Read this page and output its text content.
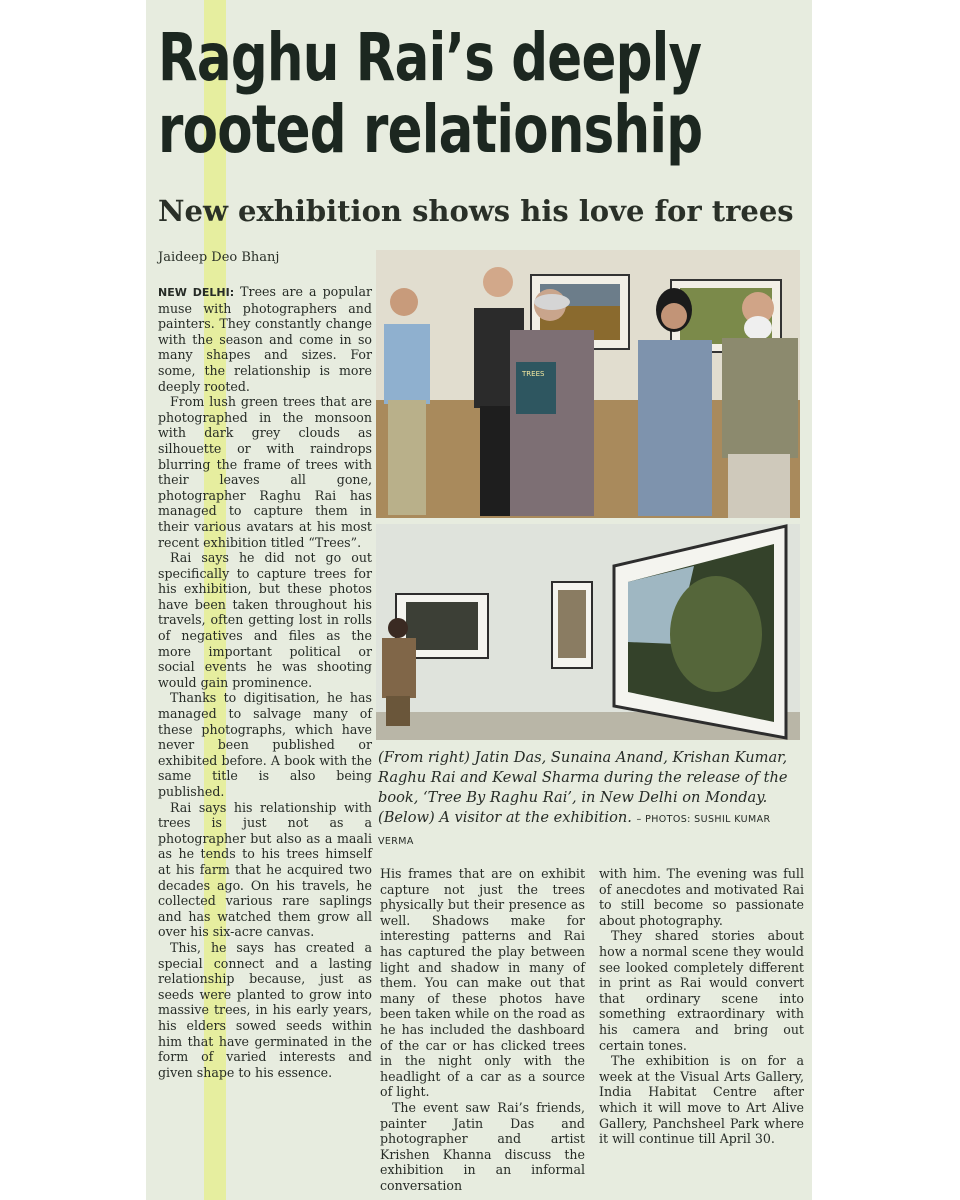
Raghu Rai’s deeply
rooted relationship
New exhibition shows his love for trees
Jaideep Deo Bhanj

NEW DELHI: Trees are a popular muse with photographers and painters. They constantly change with the season and come in so many shapes and sizes. For some, the relationship is more deeply rooted.

From lush green trees that are photographed in the monsoon with dark grey clouds as silhouette or with raindrops blurring the frame of trees with their leaves all gone, photographer Raghu Rai has managed to capture them in their various avatars at his most recent exhibition titled “Trees”.

Rai says he did not go out specifically to capture trees for his exhibition, but these photos have been taken throughout his travels, often getting lost in rolls of negatives and files as the more important political or social events he was shooting would gain prominence.

Thanks to digitisation, he has managed to salvage many of these photographs, which have never been published or exhibited before. A book with the same title is also being published.

Rai says his relationship with trees is just not as a photographer but also as a maali as he tends to his trees himself at his farm that he acquired two decades ago. On his travels, he collected various rare saplings and has watched them grow all over his six-acre canvas.

This, he says has created a special connect and a lasting relationship because, just as seeds were planted to grow into massive trees, in his early years, his elders sowed seeds within him that have germinated in the form of varied interests and given shape to his essence.

TREES
(From right) Jatin Das, Sunaina Anand, Krishan Kumar, Raghu Rai and Kewal Sharma during the release of the book, ‘Tree By Raghu Rai’, in New Delhi on Monday. (Below) A visitor at the exhibition. – PHOTOS: SUSHIL KUMAR VERMA

His frames that are on exhibit capture not just the trees physically but their presence as well. Shadows make for interesting patterns and Rai has captured the play between light and shadow in many of them. You can make out that many of these photos have been taken while on the road as he has included the dashboard of the car or has clicked trees in the night only with the headlight of a car as a source of light.

The event saw Rai’s friends, painter Jatin Das and photographer and artist Krishen Khanna discuss the exhibition in an informal conversation

with him. The evening was full of anecdotes and motivated Rai to still become so passionate about photography.

They shared stories about how a normal scene they would see looked completely different in print as Rai would convert that ordinary scene into something extraordinary with his camera and bring out certain tones.

The exhibition is on for a week at the Visual Arts Gallery, India Habitat Centre after which it will move to Art Alive Gallery, Panchsheel Park where it will continue till April 30.
